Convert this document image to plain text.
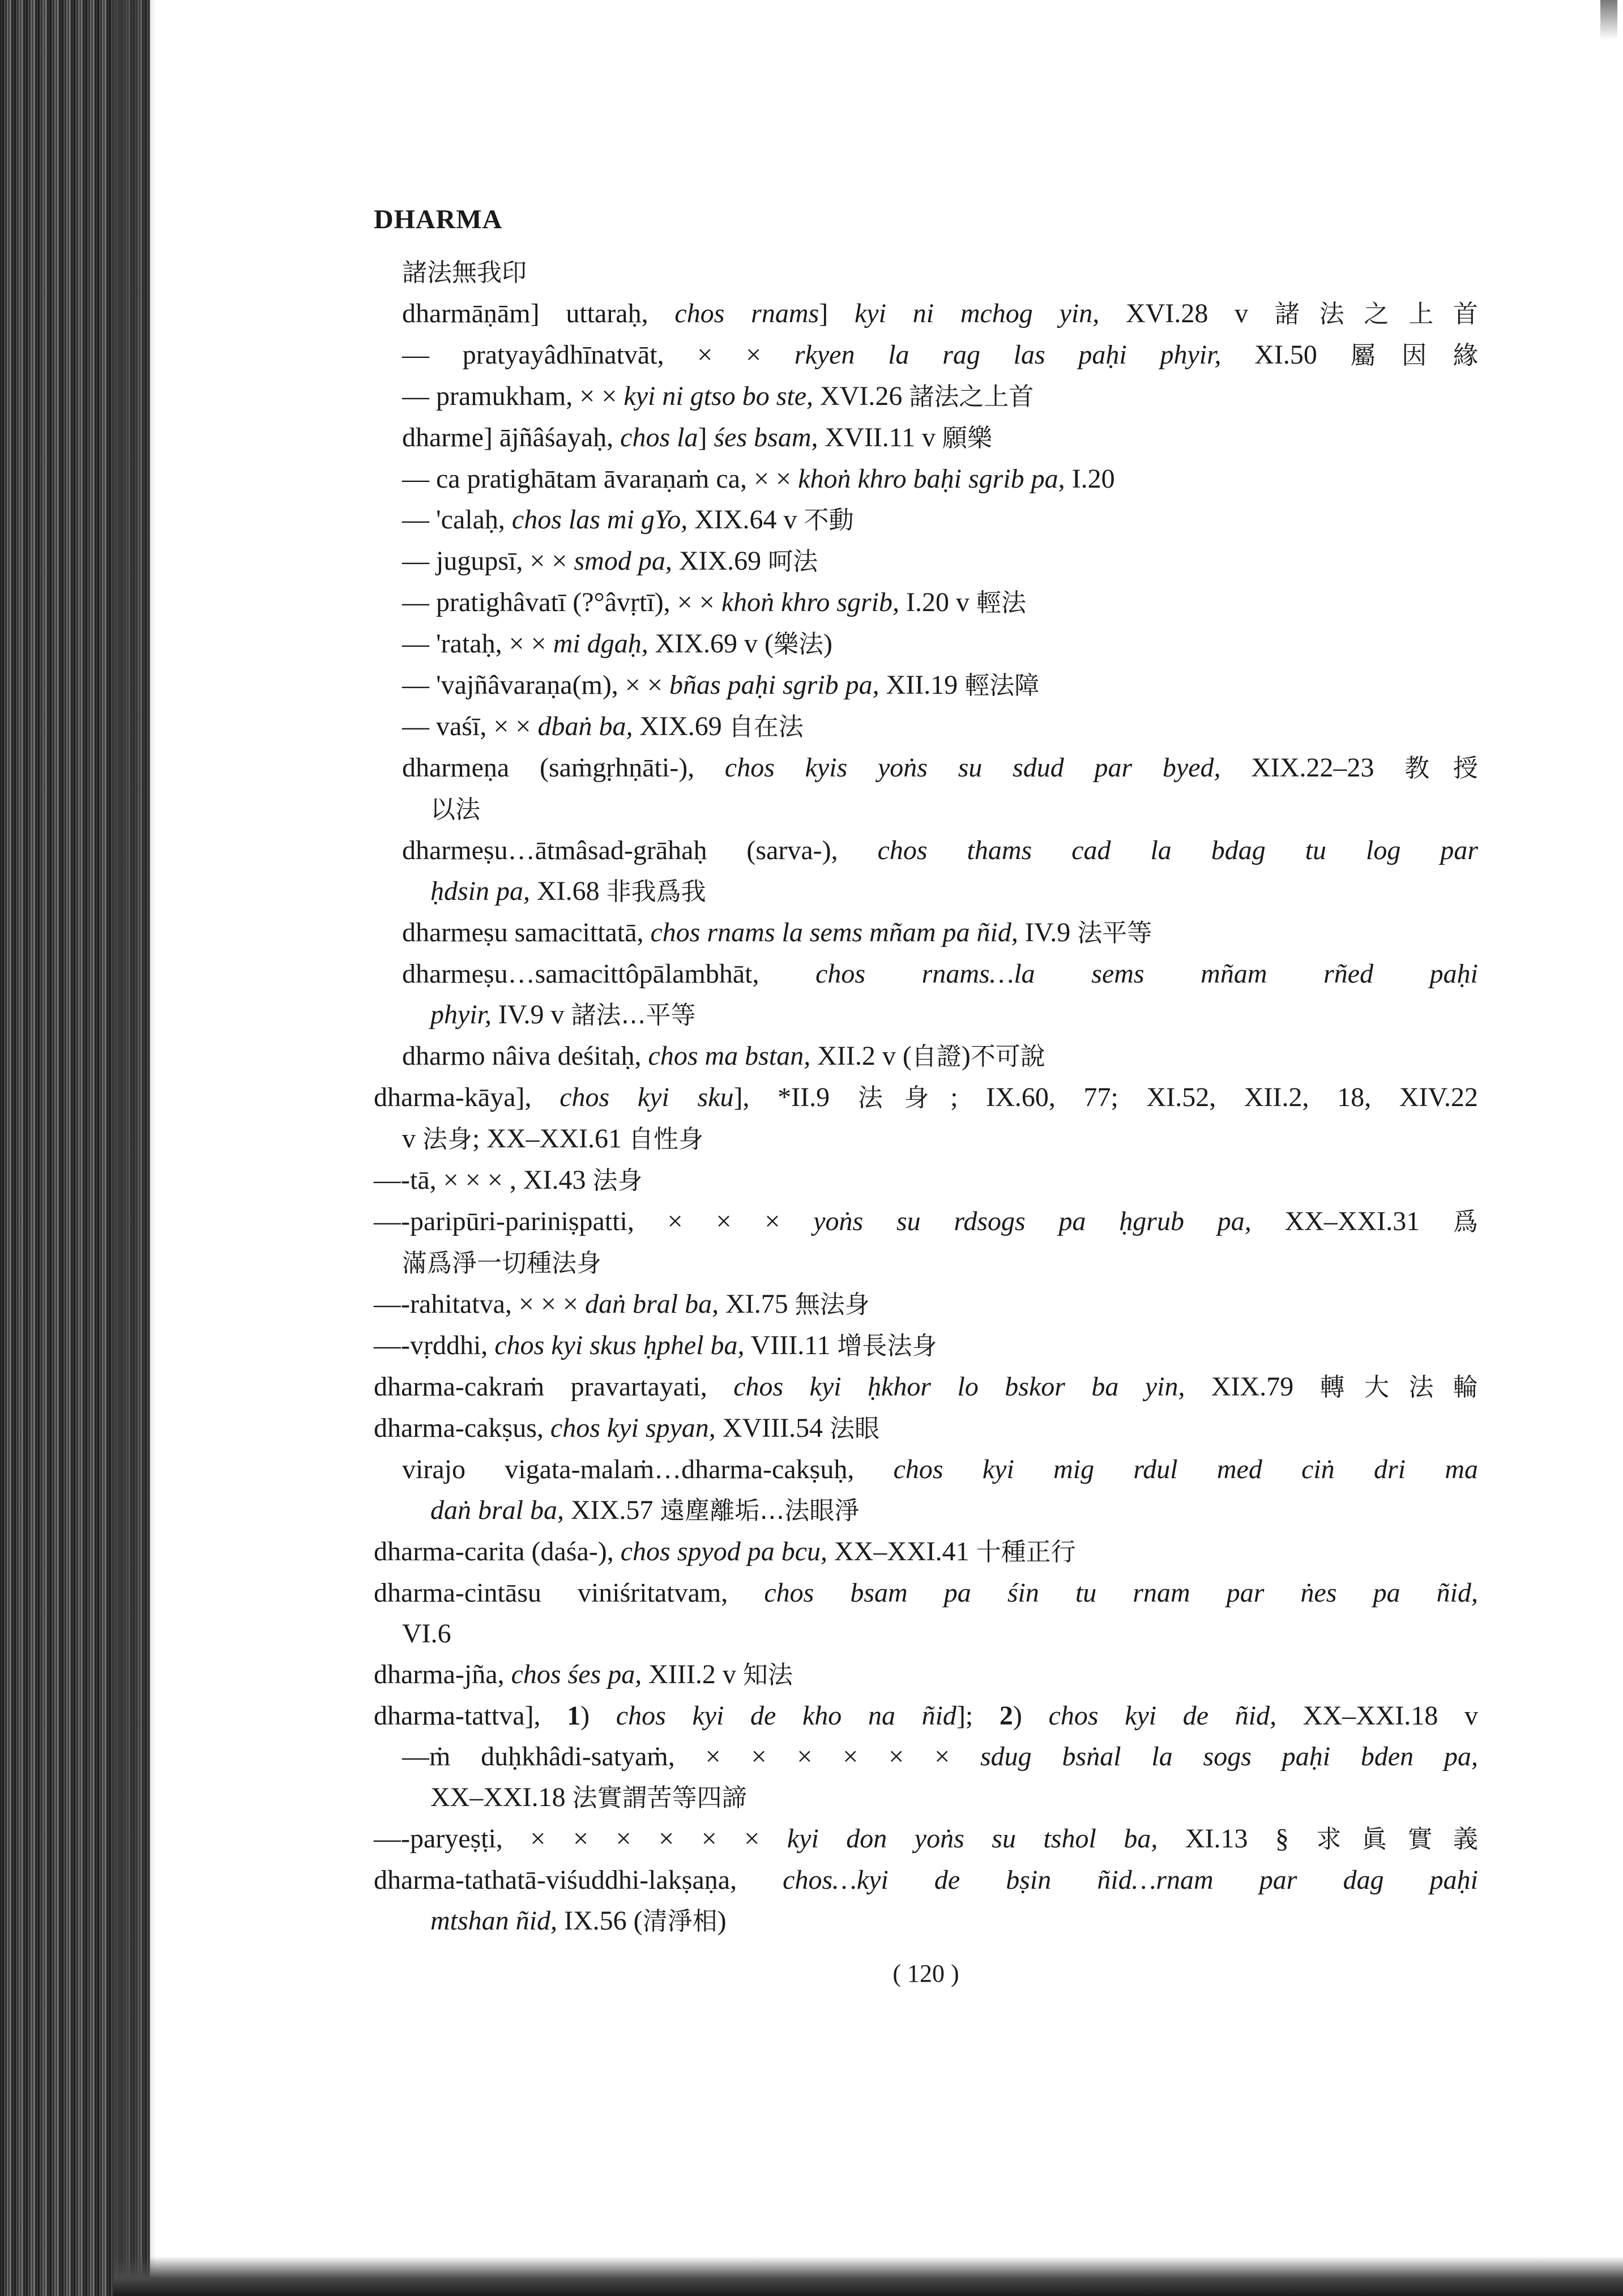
DHARMA
諸法無我印
dharmāṇām] uttaraḥ, chos rnams] kyi ni mchog yin, XVI.28 v 諸法之上首
— pratyayâdhīnatvāt, × × rkyen la rag las paḥi phyir, XI.50 屬因緣
— pramukham, × × kyi ni gtso bo ste, XVI.26 諸法之上首
dharme] ājñâśayaḥ, chos la] śes bsam, XVII.11 v 願樂
— ca pratighātam āvaraṇaṁ ca, × × khoṅ khro baḥi sgrib pa, I.20
— 'calaḥ, chos las mi gYo, XIX.64 v 不動
— jugupsī, × × smod pa, XIX.69 呵法
— pratighâvatī (?°âvṛtī), × × khoṅ khro sgrib, I.20 v 輕法
— 'rataḥ, × × mi dgaḥ, XIX.69 v (樂法)
— 'vajñâvaraṇa(m), × × bñas paḥi sgrib pa, XII.19 輕法障
— vaśī, × × dbaṅ ba, XIX.69 自在法
dharmeṇa (saṁgṛhṇāti-), chos kyis yoṅs su sdud par byed, XIX.22–23 教授
以法
dharmeṣu…ātmâsad-grāhaḥ (sarva-), chos thams cad la bdag tu log par
ḥdsin pa, XI.68 非我爲我
dharmeṣu samacittatā, chos rnams la sems mñam pa ñid, IV.9 法平等
dharmeṣu…samacittôpālambhāt, chos rnams…la sems mñam rñed paḥi
phyir, IV.9 v 諸法…平等
dharmo nâiva deśitaḥ, chos ma bstan, XII.2 v (自證)不可說
dharma-kāya], chos kyi sku], *II.9 法身; IX.60, 77; XI.52, XII.2, 18, XIV.22
v 法身; XX–XXI.61 自性身
—-tā, × × × , XI.43 法身
—-paripūri-pariniṣpatti, × × × yoṅs su rdsogs pa ḥgrub pa, XX–XXI.31 爲
滿爲淨一切種法身
—-rahitatva, × × × daṅ bral ba, XI.75 無法身
—-vṛddhi, chos kyi skus ḥphel ba, VIII.11 增長法身
dharma-cakraṁ pravartayati, chos kyi ḥkhor lo bskor ba yin, XIX.79 轉大法輪
dharma-cakṣus, chos kyi spyan, XVIII.54 法眼
virajo vigata-malaṁ…dharma-cakṣuḥ, chos kyi mig rdul med ciṅ dri ma
daṅ bral ba, XIX.57 遠塵離垢…法眼淨
dharma-carita (daśa-), chos spyod pa bcu, XX–XXI.41 十種正行
dharma-cintāsu viniśritatvam, chos bsam pa śin tu rnam par ṅes pa ñid,
VI.6
dharma-jña, chos śes pa, XIII.2 v 知法
dharma-tattva], 1) chos kyi de kho na ñid]; 2) chos kyi de ñid, XX–XXI.18 v
—ṁ duḥkhâdi-satyaṁ, × × × × × × sdug bsṅal la sogs paḥi bden pa,
XX–XXI.18 法實謂苦等四諦
—-paryeṣṭi, × × × × × × kyi don yoṅs su tshol ba, XI.13 § 求眞實義
dharma-tathatā-viśuddhi-lakṣaṇa, chos…kyi de bṣin ñid…rnam par dag paḥi
mtshan ñid, IX.56 (清淨相)
( 120 )
